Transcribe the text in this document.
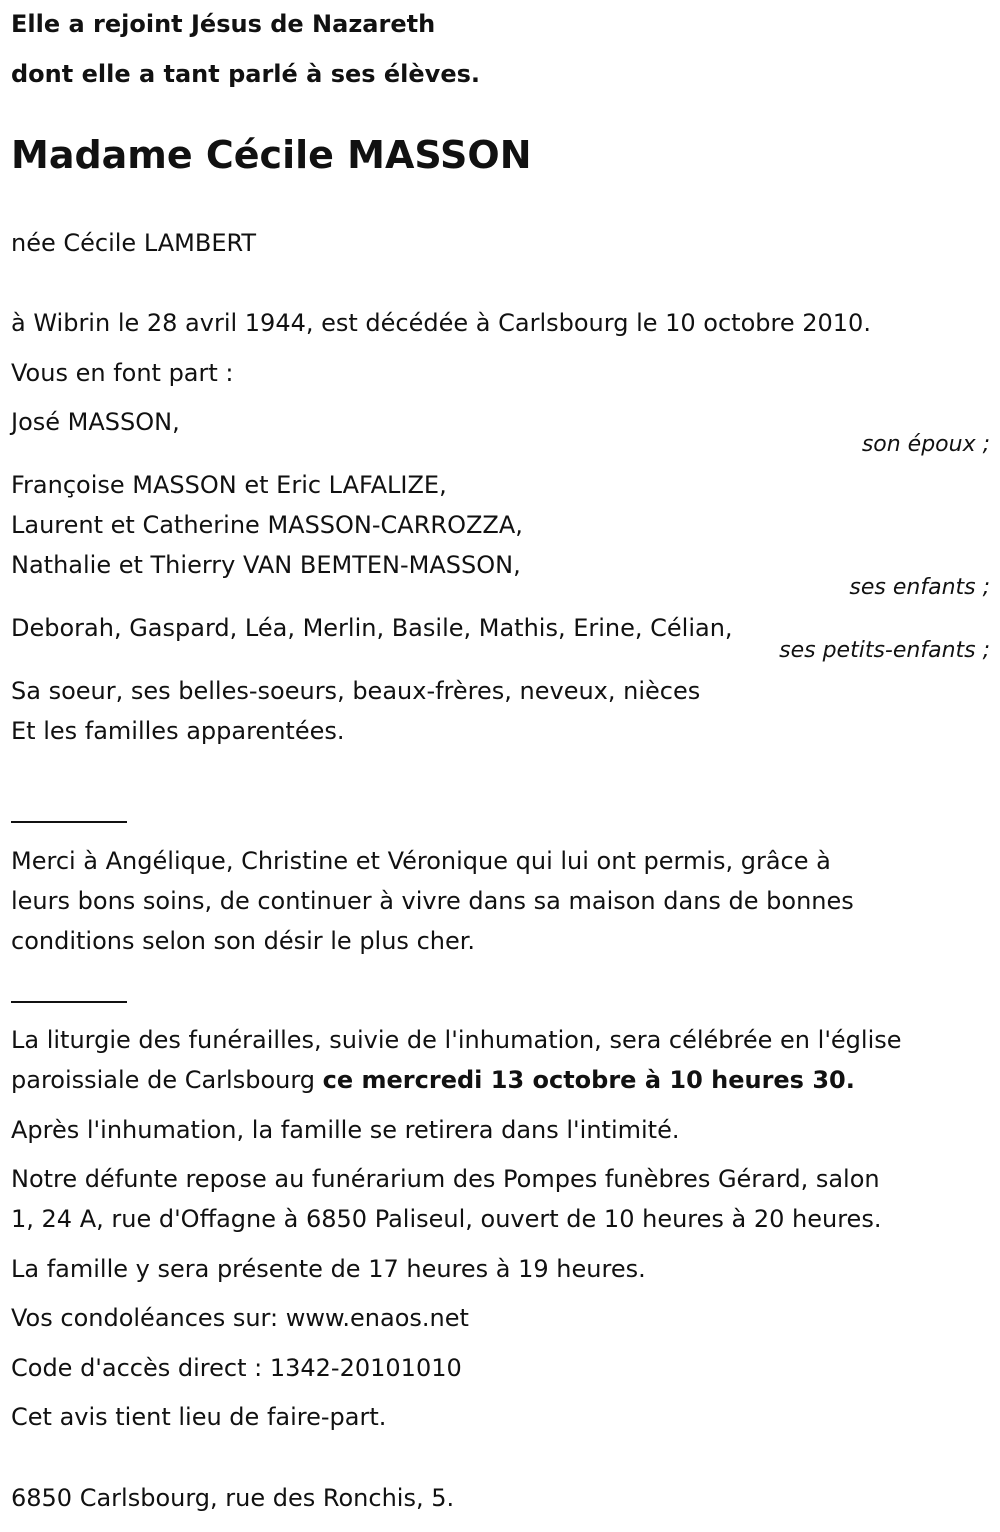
Elle a rejoint Jésus de Nazareth
dont elle a tant parlé à ses élèves.
Madame Cécile MASSON
née Cécile LAMBERT
à Wibrin le 28 avril 1944, est décédée à Carlsbourg le 10 octobre 2010.
Vous en font part :
José MASSON,
son époux ;
Françoise MASSON et Eric LAFALIZE,
Laurent et Catherine MASSON-CARROZZA,
Nathalie et Thierry VAN BEMTEN-MASSON,
ses enfants ;
Deborah, Gaspard, Léa, Merlin, Basile, Mathis, Erine, Célian,
ses petits-enfants ;
Sa soeur, ses belles-soeurs, beaux-frères, neveux, nièces
Et les familles apparentées.
Merci à Angélique, Christine et Véronique qui lui ont permis, grâce à
leurs bons soins, de continuer à vivre dans sa maison dans de bonnes
conditions selon son désir le plus cher.
La liturgie des funérailles, suivie de l'inhumation, sera célébrée en l'église
paroissiale de Carlsbourg ce mercredi 13 octobre à 10 heures 30.
Après l'inhumation, la famille se retirera dans l'intimité.
Notre défunte repose au funérarium des Pompes funèbres Gérard, salon
1, 24 A, rue d'Offagne à 6850 Paliseul, ouvert de 10 heures à 20 heures.
La famille y sera présente de 17 heures à 19 heures.
Vos condoléances sur: www.enaos.net
Code d'accès direct : 1342-20101010
Cet avis tient lieu de faire-part.
6850 Carlsbourg, rue des Ronchis, 5.
